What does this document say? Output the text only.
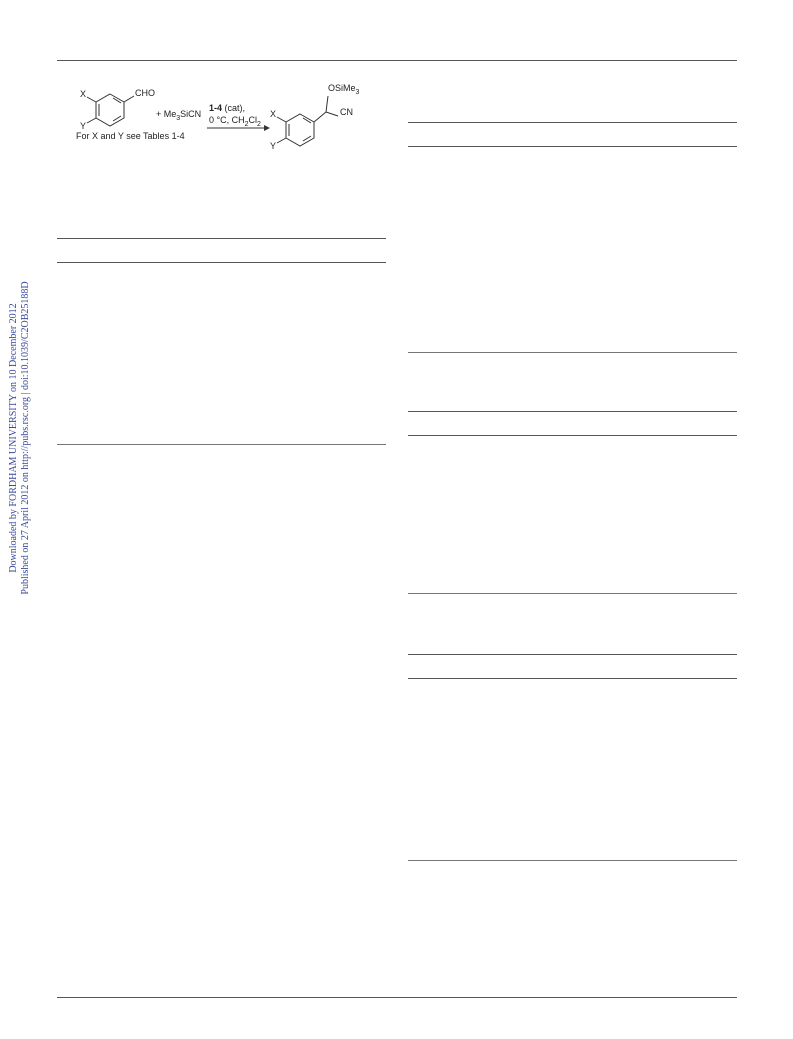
Downloaded by FORDHAM UNIVERSITY on 10 December 2012 Published on 27 April 2012 on http://pubs.rsc.org | doi:10.1039/C2OB25188D
X
Y
CHO
+ $Me_3SiCN$
1-4 (cat),
0 °C, $CH_2Cl_2$
OSiMe$_3$
CN
X
Y
For X and Y see Tables 1-4
